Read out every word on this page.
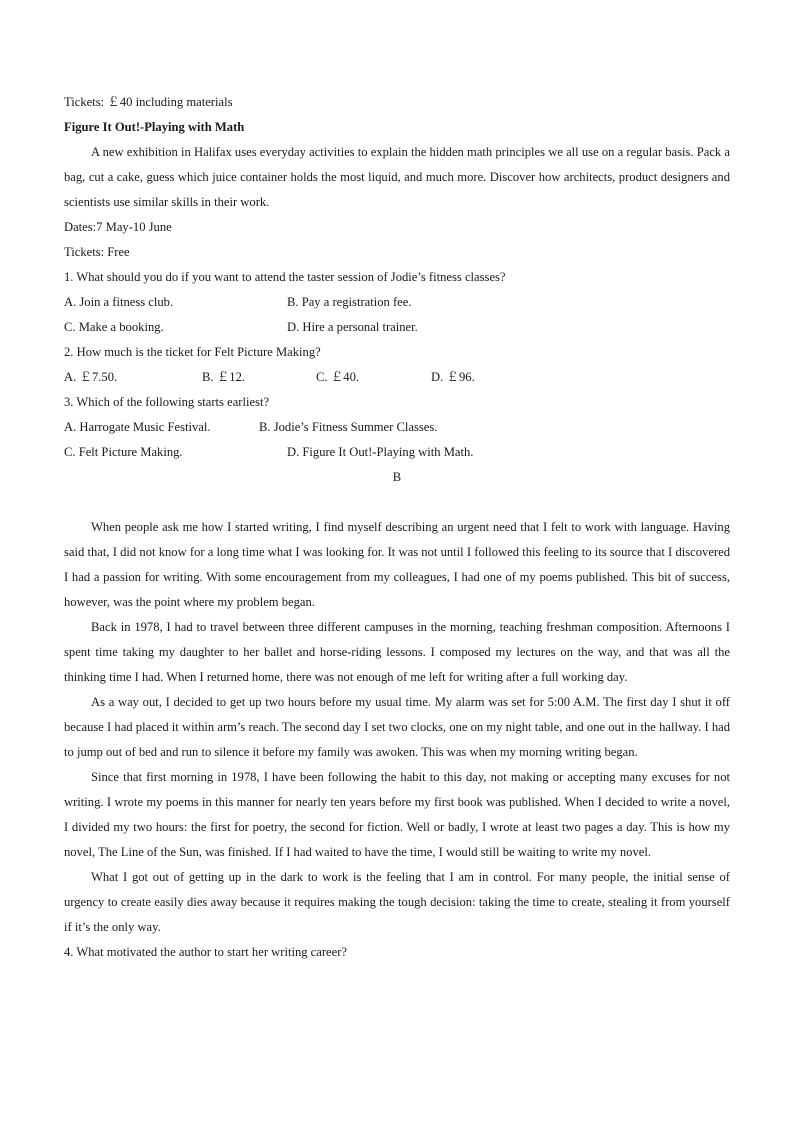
Tickets: ￡40 including materials

Figure It Out!-Playing with Math

A new exhibition in Halifax uses everyday activities to explain the hidden math principles we all use on a regular basis. Pack a bag, cut a cake, guess which juice container holds the most liquid, and much more. Discover how architects, product designers and scientists use similar skills in their work.

Dates:7 May-10 June

Tickets: Free

1. What should you do if you want to attend the taster session of Jodie’s fitness classes?

A. Join a fitness club.	B. Pay a registration fee.
C. Make a booking.	D. Hire a personal trainer.

2. How much is the ticket for Felt Picture Making?

A. ￡7.50.	B. ￡12.	C. ￡40.	D. ￡96.

3. Which of the following starts earliest?

A. Harrogate Music Festival.	B. Jodie’s Fitness Summer Classes.
C. Felt Picture Making.	D. Figure It Out!-Playing with Math.

B

When people ask me how I started writing, I find myself describing an urgent need that I felt to work with language. Having said that, I did not know for a long time what I was looking for. It was not until I followed this feeling to its source that I discovered I had a passion for writing. With some encouragement from my colleagues, I had one of my poems published. This bit of success, however, was the point where my problem began.

Back in 1978, I had to travel between three different campuses in the morning, teaching freshman composition. Afternoons I spent time taking my daughter to her ballet and horse-riding lessons. I composed my lectures on the way, and that was all the thinking time I had. When I returned home, there was not enough of me left for writing after a full working day.

As a way out, I decided to get up two hours before my usual time. My alarm was set for 5:00 A.M. The first day I shut it off because I had placed it within arm’s reach. The second day I set two clocks, one on my night table, and one out in the hallway. I had to jump out of bed and run to silence it before my family was awoken. This was when my morning writing began.

Since that first morning in 1978, I have been following the habit to this day, not making or accepting many excuses for not writing. I wrote my poems in this manner for nearly ten years before my first book was published. When I decided to write a novel, I divided my two hours: the first for poetry, the second for fiction. Well or badly, I wrote at least two pages a day. This is how my novel, The Line of the Sun, was finished. If I had waited to have the time, I would still be waiting to write my novel.

What I got out of getting up in the dark to work is the feeling that I am in control. For many people, the initial sense of urgency to create easily dies away because it requires making the tough decision: taking the time to create, stealing it from yourself if it’s the only way.

4. What motivated the author to start her writing career?
